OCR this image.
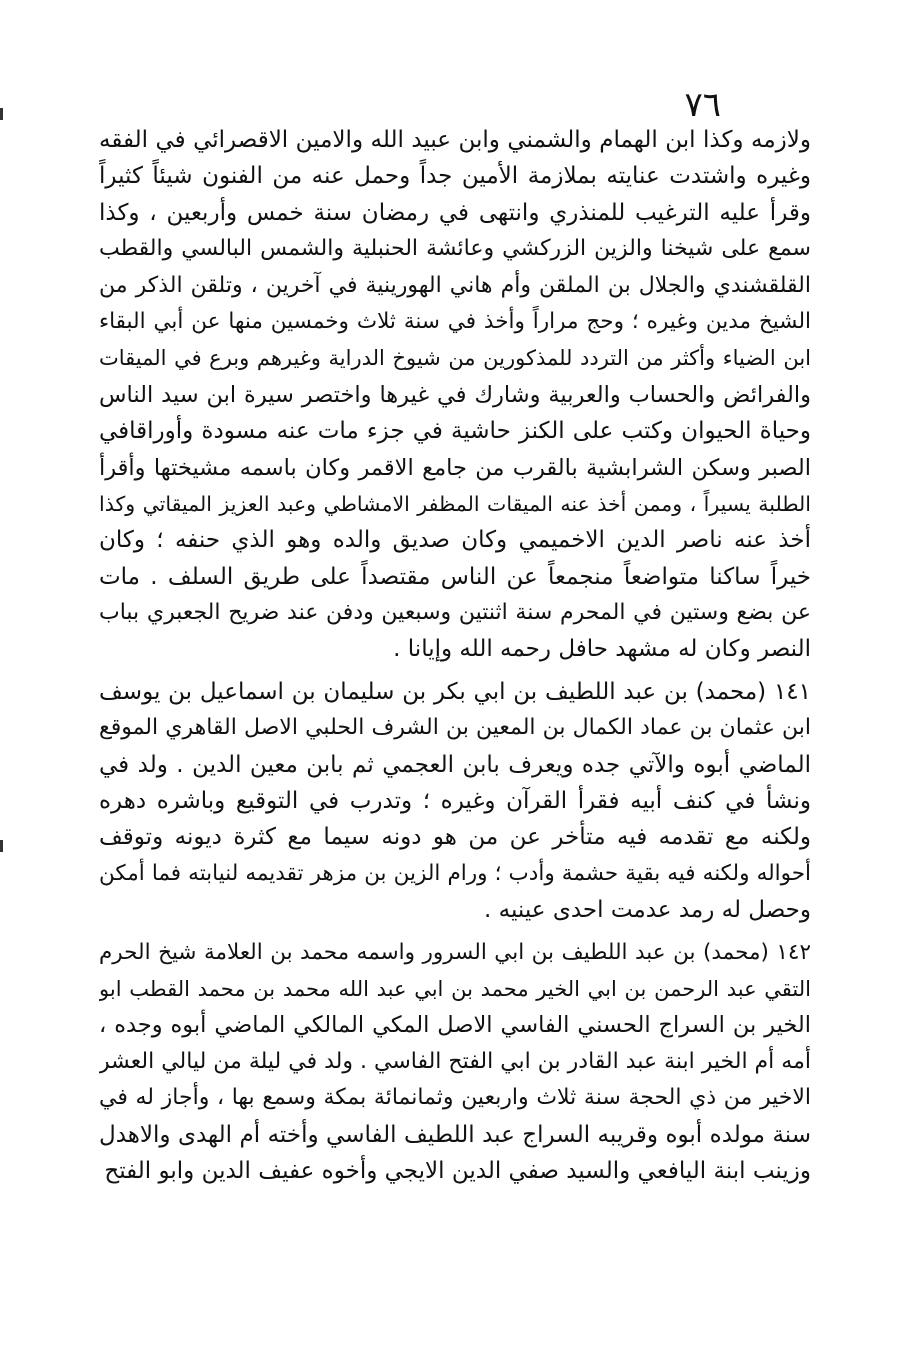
٧٦
ولازمه وكذا ابن الهمام والشمني وابن عبيد الله والامين الاقصرائي في الفقه
وغيره واشتدت عنايته بملازمة الأمين جداً وحمل عنه من الفنون شيئاً كثيراً
وقرأ عليه الترغيب للمنذري وانتهى في رمضان سنة خمس وأربعين ، وكذا
سمع على شيخنا والزين الزركشي وعائشة الحنبلية والشمس البالسي والقطب
القلقشندي والجلال بن الملقن وأم هاني الهورينية في آخرين ، وتلقن الذكر من
الشيخ مدين وغيره ؛ وحج مراراً وأخذ في سنة ثلاث وخمسين منها عن أبي البقاء
ابن الضياء وأكثر من التردد للمذكورين من شيوخ الدراية وغيرهم وبرع في الميقات
والفرائض والحساب والعربية وشارك في غيرها واختصر سيرة ابن سيد الناس
وحياة الحيوان وكتب على الكنز حاشية في جزء مات عنه مسودة وأوراقافي
الصبر وسكن الشرابشية بالقرب من جامع الاقمر وكان باسمه مشيختها وأقرأ
الطلبة يسيراً ، وممن أخذ عنه الميقات المظفر الامشاطي وعبد العزيز الميقاتي وكذا
أخذ عنه ناصر الدين الاخميمي وكان صديق والده وهو الذي حنفه ؛ وكان
خيراً ساكنا متواضعاً منجمعاً عن الناس مقتصداً على طريق السلف . مات
عن بضع وستين في المحرم سنة اثنتين وسبعين ودفن عند ضريح الجعبري بباب
النصر وكان له مشهد حافل رحمه الله وإيانا .
١٤١ (محمد) بن عبد اللطيف بن ابي بكر بن سليمان بن اسماعيل بن يوسف
ابن عثمان بن عماد الكمال بن المعين بن الشرف الحلبي الاصل القاهري الموقع
الماضي أبوه والآتي جده ويعرف بابن العجمي ثم بابن معين الدين . ولد في
ونشأ في كنف أبيه فقرأ القرآن وغيره ؛ وتدرب في التوقيع وباشره دهره
ولكنه مع تقدمه فيه متأخر عن من هو دونه سيما مع كثرة ديونه وتوقف
أحواله ولكنه فيه بقية حشمة وأدب ؛ ورام الزين بن مزهر تقديمه لنيابته فما أمكن
وحصل له رمد عدمت احدى عينيه .
١٤٢ (محمد) بن عبد اللطيف بن ابي السرور واسمه محمد بن العلامة شيخ الحرم
التقي عبد الرحمن بن ابي الخير محمد بن ابي عبد الله محمد بن محمد القطب ابو
الخير بن السراج الحسني الفاسي الاصل المكي المالكي الماضي أبوه وجده ،
أمه أم الخير ابنة عبد القادر بن ابي الفتح الفاسي . ولد في ليلة من ليالي العشر
الاخير من ذي الحجة سنة ثلاث واربعين وثمانمائة بمكة وسمع بها ، وأجاز له في
سنة مولده أبوه وقريبه السراج عبد اللطيف الفاسي وأخته أم الهدى والاهدل
وزينب ابنة اليافعي والسيد صفي الدين الايجي وأخوه عفيف الدين وابو الفتح
